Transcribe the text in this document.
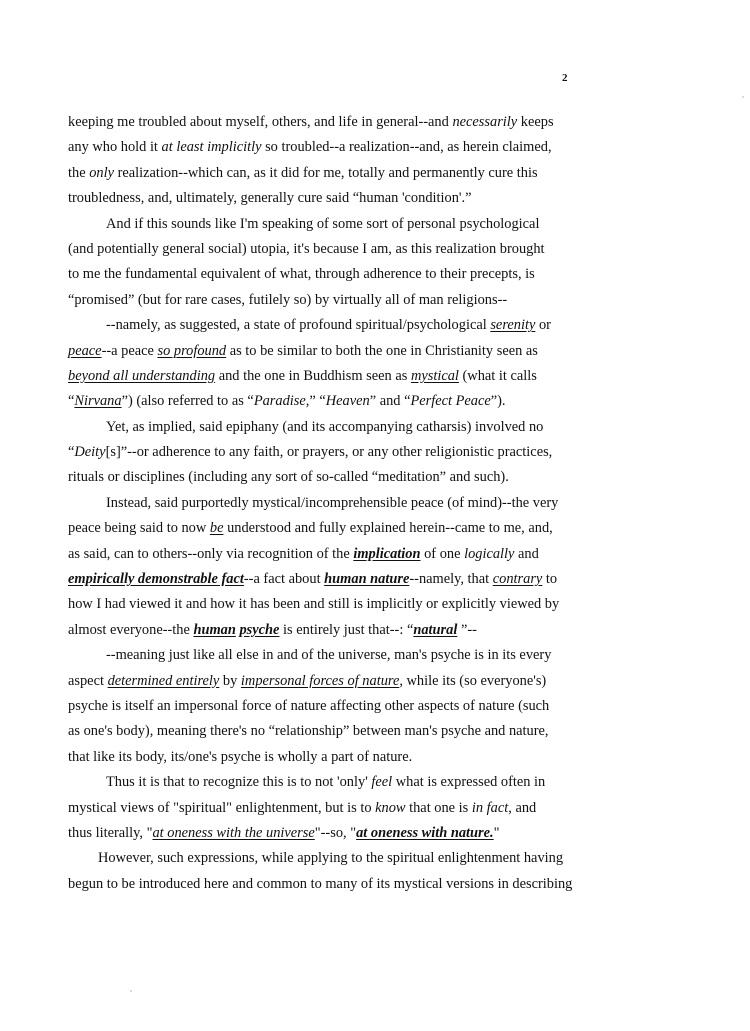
2
keeping me troubled about myself, others, and life in general--and necessarily keeps
any who hold it at least implicitly so troubled--a realization--and, as herein claimed,
the only realization--which can, as it did for me, totally and permanently cure this
troubledness, and, ultimately, generally cure said “human 'condition'.”
And if this sounds like I'm speaking of some sort of personal psychological
(and potentially general social) utopia, it's because I am, as this realization brought
to me the fundamental equivalent of what, through adherence to their precepts, is
“promised” (but for rare cases, futilely so) by virtually all of man religions--
--namely, as suggested, a state of profound spiritual/psychological serenity or
peace--a peace so profound as to be similar to both the one in Christianity seen as
beyond all understanding and the one in Buddhism seen as mystical (what it calls
“Nirvana”) (also referred to as “Paradise,” “Heaven” and “Perfect Peace”).
Yet, as implied, said epiphany (and its accompanying catharsis) involved no
“Deity[s]”--or adherence to any faith, or prayers, or any other religionistic practices,
rituals or disciplines (including any sort of so-called “meditation” and such).
Instead, said purportedly mystical/incomprehensible peace (of mind)--the very
peace being said to now be understood and fully explained herein--came to me, and,
as said, can to others--only via recognition of the implication of one logically and
empirically demonstrable fact--a fact about human nature--namely, that contrary to
how I had viewed it and how it has been and still is implicitly or explicitly viewed by
almost everyone--the human psyche is entirely just that--: “natural ”--
--meaning just like all else in and of the universe, man's psyche is in its every
aspect determined entirely by impersonal forces of nature, while its (so everyone's)
psyche is itself an impersonal force of nature affecting other aspects of nature (such
as one's body), meaning there's no “relationship” between man's psyche and nature,
that like its body, its/one's psyche is wholly a part of nature.
Thus it is that to recognize this is to not 'only' feel what is expressed often in
mystical views of "spiritual" enlightenment, but is to know that one is in fact, and
thus literally, "at oneness with the universe"--so, "at oneness with nature."
However, such expressions, while applying to the spiritual enlightenment having
begun to be introduced here and common to many of its mystical versions in describing
